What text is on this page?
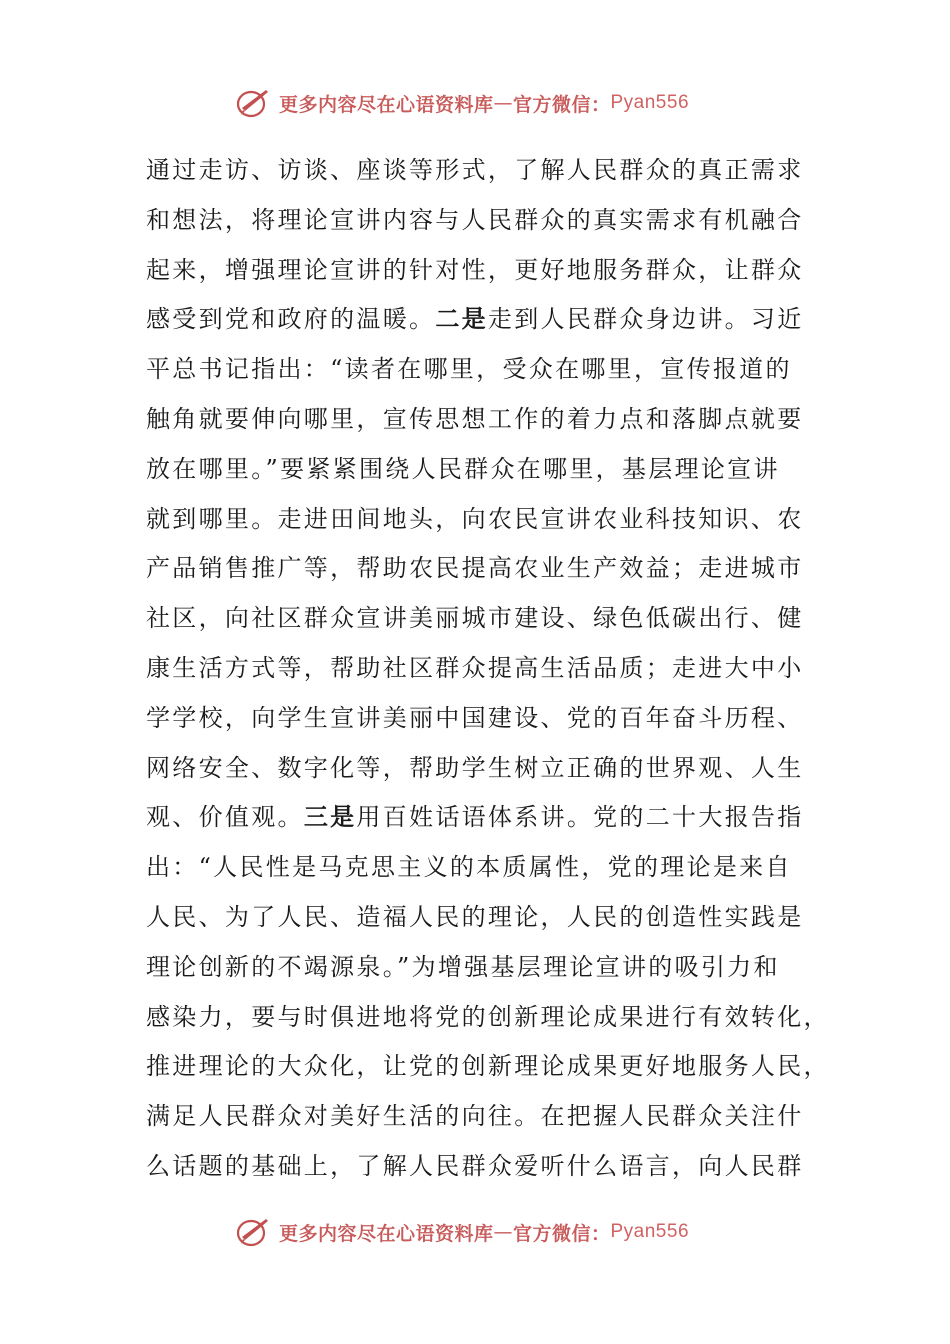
更多内容尽在心语资料库 — 官方微信： Pyan556
通过走访、访谈、座谈等形式，了解人民群众的真正需求
和想法，将理论宣讲内容与人民群众的真实需求有机融合
起来，增强理论宣讲的针对性，更好地服务群众，让群众
感受到党和政府的温暖。二是走到人民群众身边讲。习近
平总书记指出：“读者在哪里，受众在哪里，宣传报道的
触角就要伸向哪里，宣传思想工作的着力点和落脚点就要
放在哪里。”要紧紧围绕人民群众在哪里，基层理论宣讲
就到哪里。走进田间地头，向农民宣讲农业科技知识、农
产品销售推广等，帮助农民提高农业生产效益；走进城市
社区，向社区群众宣讲美丽城市建设、绿色低碳出行、健
康生活方式等，帮助社区群众提高生活品质；走进大中小
学学校，向学生宣讲美丽中国建设、党的百年奋斗历程、
网络安全、数字化等，帮助学生树立正确的世界观、人生
观、价值观。三是用百姓话语体系讲。党的二十大报告指
出：“人民性是马克思主义的本质属性，党的理论是来自
人民、为了人民、造福人民的理论，人民的创造性实践是
理论创新的不竭源泉。”为增强基层理论宣讲的吸引力和
感染力，要与时俱进地将党的创新理论成果进行有效转化，
推进理论的大众化，让党的创新理论成果更好地服务人民，
满足人民群众对美好生活的向往。在把握人民群众关注什
么话题的基础上，了解人民群众爱听什么语言，向人民群
更多内容尽在心语资料库 — 官方微信： Pyan556
